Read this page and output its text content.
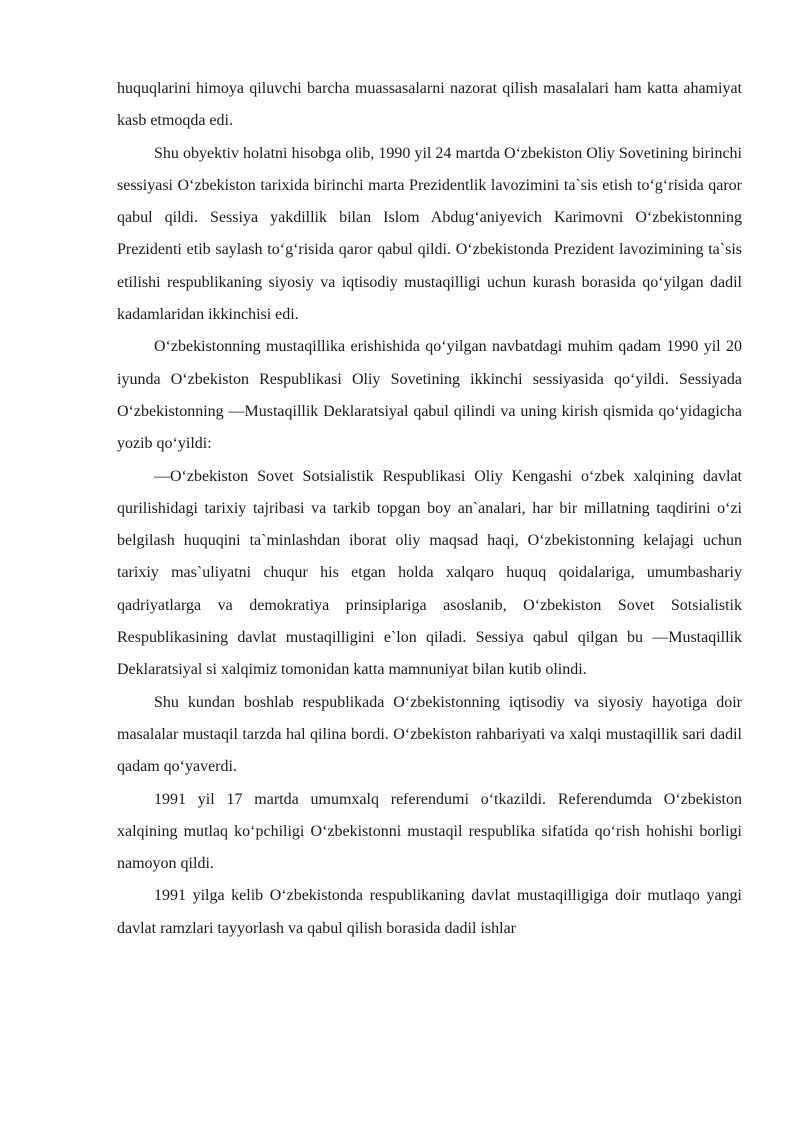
huquqlarini himoya qiluvchi barcha muassasalarni nazorat qilish masalalari ham katta ahamiyat kasb etmoqda edi.

Shu obyektiv holatni hisobga olib, 1990 yil 24 martda O‘zbekiston Oliy Sovetining birinchi sessiyasi O‘zbekiston tarixida birinchi marta Prezidentlik lavozimini ta`sis etish to‘g‘risida qaror qabul qildi. Sessiya yakdillik bilan Islom Abdug‘aniyevich Karimovni O‘zbekistonning Prezidenti etib saylash to‘g‘risida qaror qabul qildi. O‘zbekistonda Prezident lavozimining ta`sis etilishi respublikaning siyosiy va iqtisodiy mustaqilligi uchun kurash borasida qo‘yilgan dadil kadamlaridan ikkinchisi edi.

O‘zbekistonning mustaqillika erishishida qo‘yilgan navbatdagi muhim qadam 1990 yil 20 iyunda O‘zbekiston Respublikasi Oliy Sovetining ikkinchi sessiyasida qo‘yildi. Sessiyada O‘zbekistonning ―Mustaqillik Deklaratsiyal qabul qilindi va uning kirish qismida qo‘yidagicha yozib qo‘yildi:

―O‘zbekiston Sovet Sotsialistik Respublikasi Oliy Kengashi o‘zbek xalqining davlat qurilishidagi tarixiy tajribasi va tarkib topgan boy an`analari, har bir millatning taqdirini o‘zi belgilash huquqini ta`minlashdan iborat oliy maqsad haqi, O‘zbekistonning kelajagi uchun tarixiy mas`uliyatni chuqur his etgan holda xalqaro huquq qoidalariga, umumbashariy qadriyatlarga va demokratiya prinsiplariga asoslanib, O‘zbekiston Sovet Sotsialistik Respublikasining davlat mustaqilligini e`lon qiladi. Sessiya qabul qilgan bu ―Mustaqillik Deklaratsiyal si xalqimiz tomonidan katta mamnuniyat bilan kutib olindi.

Shu kundan boshlab respublikada O‘zbekistonning iqtisodiy va siyosiy hayotiga doir masalalar mustaqil tarzda hal qilina bordi. O‘zbekiston rahbariyati va xalqi mustaqillik sari dadil qadam qo‘yaverdi.

1991 yil 17 martda umumxalq referendumi o‘tkazildi. Referendumda O‘zbekiston xalqining mutlaq ko‘pchiligi O‘zbekistonni mustaqil respublika sifatida qo‘rish hohishi borligi namoyon qildi.

1991 yilga kelib O‘zbekistonda respublikaning davlat mustaqilligiga doir mutlaqo yangi davlat ramzlari tayyorlash va qabul qilish borasida dadil ishlar
